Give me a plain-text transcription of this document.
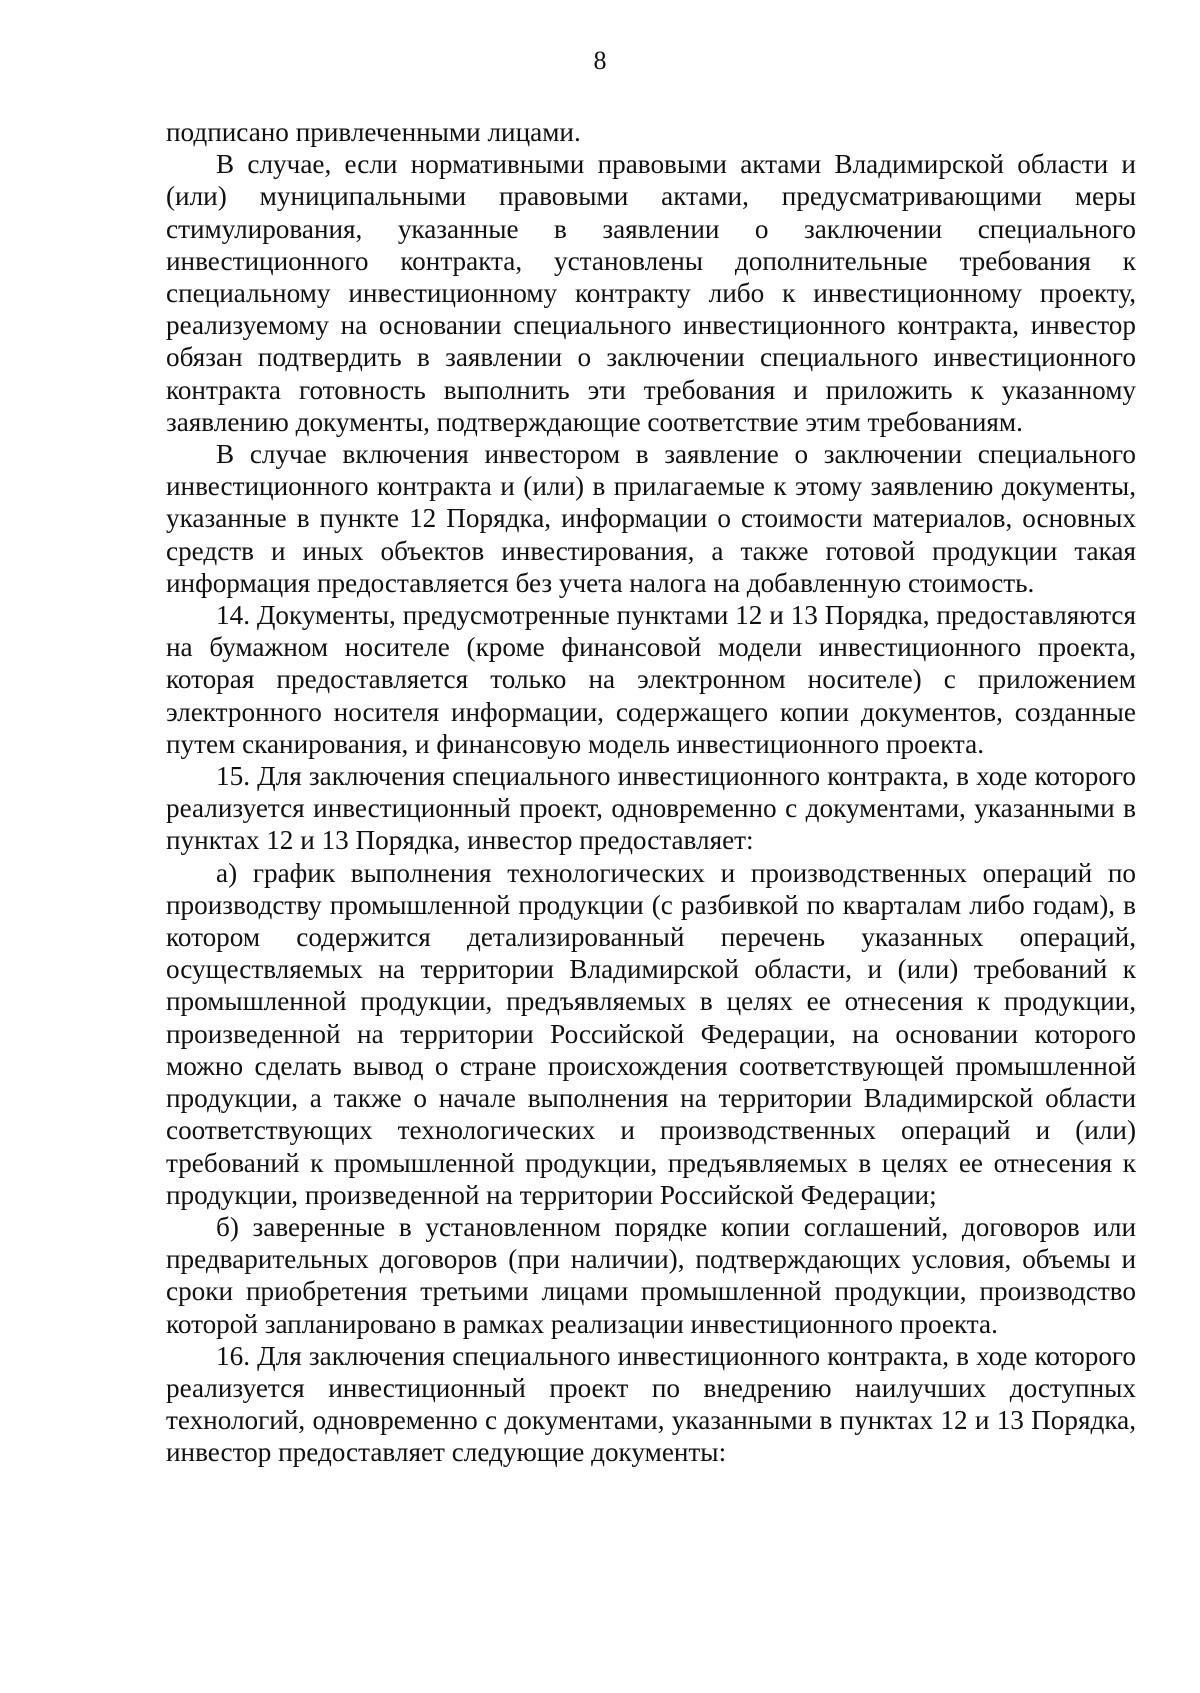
8

подписано привлеченными лицами.

В случае, если нормативными правовыми актами Владимирской области и (или) муниципальными правовыми актами, предусматривающими меры стимулирования, указанные в заявлении о заключении специального инвестиционного контракта, установлены дополнительные требования к специальному инвестиционному контракту либо к инвестиционному проекту, реализуемому на основании специального инвестиционного контракта, инвестор обязан подтвердить в заявлении о заключении специального инвестиционного контракта готовность выполнить эти требования и приложить к указанному заявлению документы, подтверждающие соответствие этим требованиям.

В случае включения инвестором в заявление о заключении специального инвестиционного контракта и (или) в прилагаемые к этому заявлению документы, указанные в пункте 12 Порядка, информации о стоимости материалов, основных средств и иных объектов инвестирования, а также готовой продукции такая информация предоставляется без учета налога на добавленную стоимость.

14. Документы, предусмотренные пунктами 12 и 13 Порядка, предоставляются на бумажном носителе (кроме финансовой модели инвестиционного проекта, которая предоставляется только на электронном носителе) с приложением электронного носителя информации, содержащего копии документов, созданные путем сканирования, и финансовую модель инвестиционного проекта.

15. Для заключения специального инвестиционного контракта, в ходе которого реализуется инвестиционный проект, одновременно с документами, указанными в пунктах 12 и 13 Порядка, инвестор предоставляет:

а) график выполнения технологических и производственных операций по производству промышленной продукции (с разбивкой по кварталам либо годам), в котором содержится детализированный перечень указанных операций, осуществляемых на территории Владимирской области, и (или) требований к промышленной продукции, предъявляемых в целях ее отнесения к продукции, произведенной на территории Российской Федерации, на основании которого можно сделать вывод о стране происхождения соответствующей промышленной продукции, а также о начале выполнения на территории Владимирской области соответствующих технологических и производственных операций и (или) требований к промышленной продукции, предъявляемых в целях ее отнесения к продукции, произведенной на территории Российской Федерации;

б) заверенные в установленном порядке копии соглашений, договоров или предварительных договоров (при наличии), подтверждающих условия, объемы и сроки приобретения третьими лицами промышленной продукции, производство которой запланировано в рамках реализации инвестиционного проекта.

16. Для заключения специального инвестиционного контракта, в ходе которого реализуется инвестиционный проект по внедрению наилучших доступных технологий, одновременно с документами, указанными в пунктах 12 и 13 Порядка, инвестор предоставляет следующие документы:
